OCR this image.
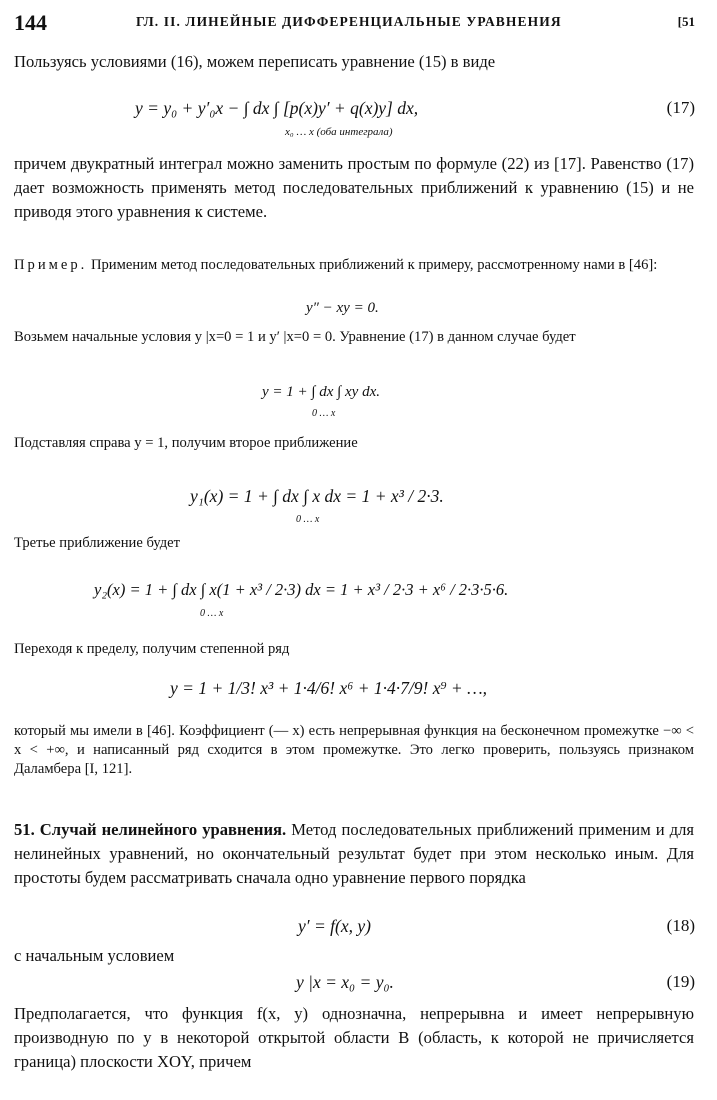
144	ГЛ. II. ЛИНЕЙНЫЕ ДИФФЕРЕНЦИАЛЬНЫЕ УРАВНЕНИЯ	[51

Пользуясь условиями (16), можем переписать уравнение (15) в виде

y = y₀ + y′₀x − ∫ dx ∫ [p(x)y′ + q(x)y] dx,
x₀ … x (оба интеграла)
(17)

причем двукратный интеграл можно заменить простым по формуле (22) из [17]. Равенство (17) дает возможность применять метод последовательных приближений к уравнению (15) и не приводя этого уравнения к системе.

Пример. Применим метод последовательных приближений к примеру, рассмотренному нами в [46]:

y″ − xy = 0.

Возьмем начальные условия y |x=0 = 1 и y′ |x=0 = 0. Уравнение (17) в данном случае будет

y = 1 + ∫ dx ∫ xy dx.
0 … x

Подставляя справа y = 1, получим второе приближение

y₁(x) = 1 + ∫ dx ∫ x dx = 1 + x³ / 2·3.
0 … x

Третье приближение будет

y₂(x) = 1 + ∫ dx ∫ x(1 + x³ / 2·3) dx = 1 + x³ / 2·3 + x⁶ / 2·3·5·6.
0 … x

Переходя к пределу, получим степенной ряд

y = 1 + 1/3! x³ + 1·4/6! x⁶ + 1·4·7/9! x⁹ + …,

который мы имели в [46]. Коэффициент (— x) есть непрерывная функция на бесконечном промежутке −∞ < x < +∞, и написанный ряд сходится в этом промежутке. Это легко проверить, пользуясь признаком Даламбера [I, 121].

51. Случай нелинейного уравнения. Метод последовательных приближений применим и для нелинейных уравнений, но окончательный результат будет при этом несколько иным. Для простоты будем рассматривать сначала одно уравнение первого порядка

y′ = f(x, y)	(18)

с начальным условием

y |x = x₀ = y₀.	(19)

Предполагается, что функция f(x, y) однозначна, непрерывна и имеет непрерывную производную по y в некоторой открытой области B (область, к которой не причисляется граница) плоскости XOY, причем
